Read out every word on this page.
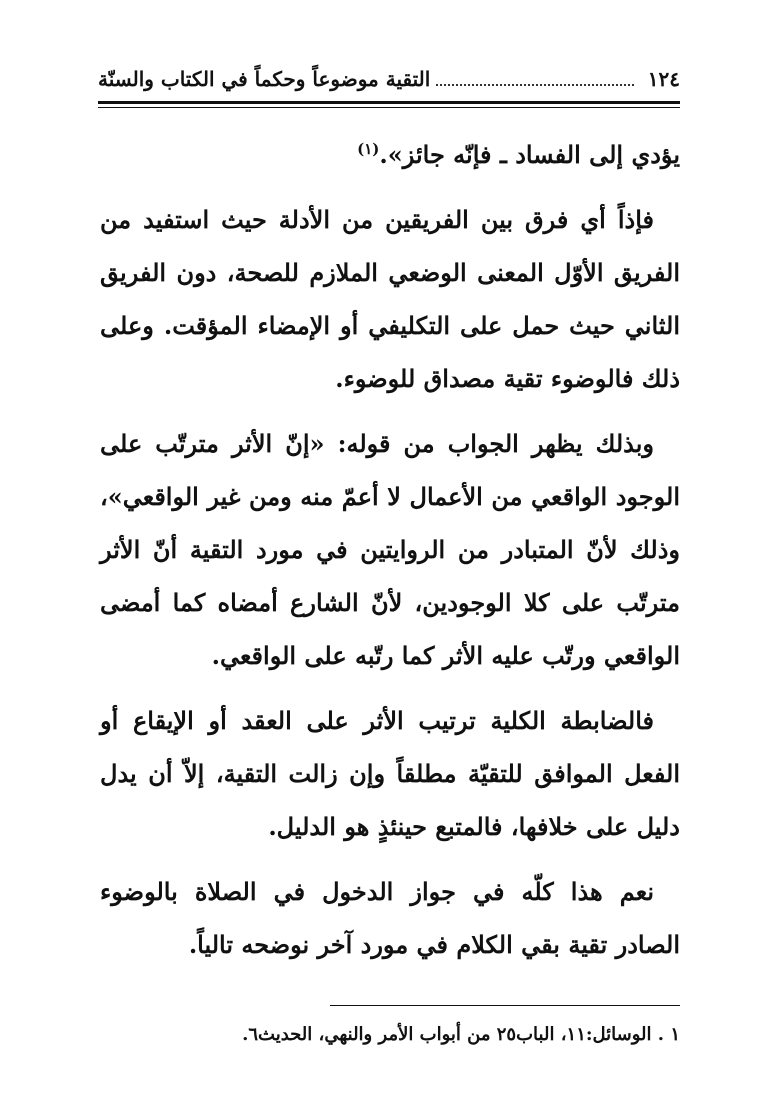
١٢٤
التقية موضوعاً وحكماً في الكتاب والسنّة

يؤدي إلى الفساد ـ فإنّه جائز».$^{(١)}$

فإذاً أي فرق بين الفريقين من الأدلة حيث استفيد من الفريق الأوّل المعنى الوضعي الملازم للصحة، دون الفريق الثاني حيث حمل على التكليفي أو الإمضاء المؤقت. وعلى ذلك فالوضوء تقية مصداق للوضوء.

وبذلك يظهر الجواب من قوله: «إنّ الأثر مترتّب على الوجود الواقعي من الأعمال لا أعمّ منه ومن غير الواقعي»، وذلك لأنّ المتبادر من الروايتين في مورد التقية أنّ الأثر مترتّب على كلا الوجودين، لأنّ الشارع أمضاه كما أمضى الواقعي ورتّب عليه الأثر كما رتّبه على الواقعي.

فالضابطة الكلية ترتيب الأثر على العقد أو الإيقاع أو الفعل الموافق للتقيّة مطلقاً وإن زالت التقية، إلاّ أن يدل دليل على خلافها، فالمتبع حينئذٍ هو الدليل.

نعم هذا كلّه في جواز الدخول في الصلاة بالوضوء الصادر تقية بقي الكلام في مورد آخر نوضحه تالياً.

١ . الوسائل:١١، الباب٢٥ من أبواب الأمر والنهي، الحديث٦.
